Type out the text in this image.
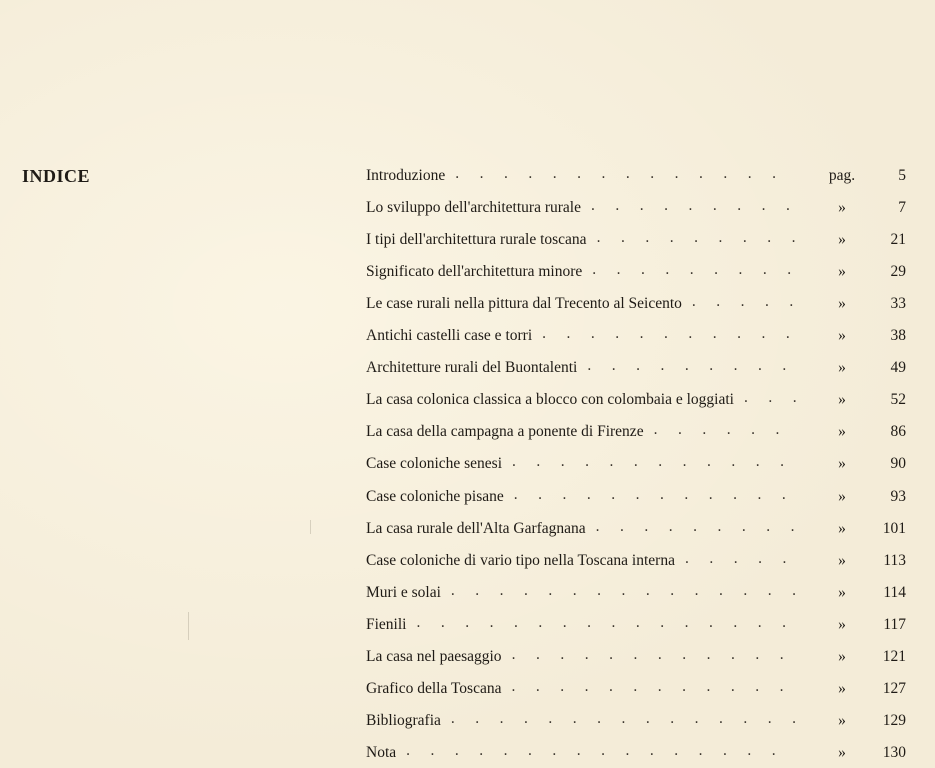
INDICE	Introduzione	pag.	5
..............
Lo sviluppo dell'architettura rurale	»	7
.........
I tipi dell'architettura rurale toscana	»	21
.........
Significato dell'architettura minore	»	29
.........
Le case rurali nella pittura dal Trecento al Seicento	»	33
.....
Antichi castelli case e torri	»	38
...........
Architetture rurali del Buontalenti	»	49
.........
La casa colonica classica a blocco con colombaia e loggiati	»	52
...
La casa della campagna a ponente di Firenze	»	86
......
Case coloniche senesi	»	90
............
Case coloniche pisane	»	93
............
La casa rurale dell'Alta Garfagnana	»	101
.........
Case coloniche di vario tipo nella Toscana interna	»	113
.....
Muri e solai	»	114
...............
Fienili	»	117
................
La casa nel paesaggio	»	121
............
Grafico della Toscana	»	127
............
Bibliografia	»	129
...............
Nota	»	130
................
